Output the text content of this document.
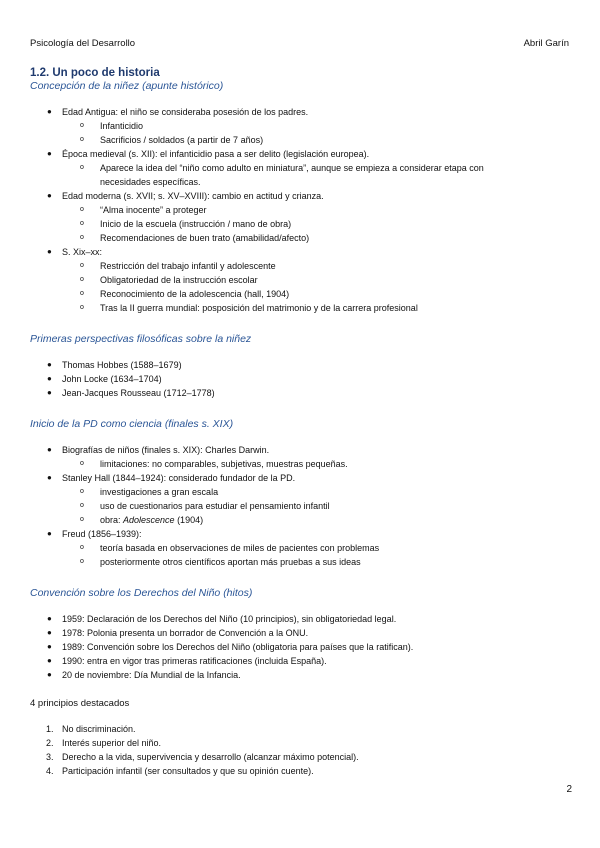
Psicología del Desarrollo	Abril Garín
1.2. Un poco de historia

Concepción de la niñez (apunte histórico)

● Edad Antigua: el niño se consideraba posesión de los padres.
o Infanticidio
o Sacrificios / soldados (a partir de 7 años)
● Época medieval (s. XII): el infanticidio pasa a ser delito (legislación europea).
o Aparece la idea del “niño como adulto en miniatura”, aunque se empieza a considerar etapa con
necesidades específicas.
● Edad moderna (s. XVII; s. XV–XVIII): cambio en actitud y crianza.
o “Alma inocente” a proteger
o Inicio de la escuela (instrucción / mano de obra)
o Recomendaciones de buen trato (amabilidad/afecto)
● S. Xix–xx:
o Restricción del trabajo infantil y adolescente
o Obligatoriedad de la instrucción escolar
o Reconocimiento de la adolescencia (hall, 1904)
o Tras la II guerra mundial: posposición del matrimonio y de la carrera profesional

Primeras perspectivas filosóficas sobre la niñez

● Thomas Hobbes (1588–1679)
● John Locke (1634–1704)
● Jean-Jacques Rousseau (1712–1778)

Inicio de la PD como ciencia (finales s. XIX)

● Biografías de niños (finales s. XIX): Charles Darwin.
o limitaciones: no comparables, subjetivas, muestras pequeñas.
● Stanley Hall (1844–1924): considerado fundador de la PD.
o investigaciones a gran escala
o uso de cuestionarios para estudiar el pensamiento infantil
o obra: Adolescence (1904)
● Freud (1856–1939):
o teoría basada en observaciones de miles de pacientes con problemas
o posteriormente otros científicos aportan más pruebas a sus ideas

Convención sobre los Derechos del Niño (hitos)

● 1959: Declaración de los Derechos del Niño (10 principios), sin obligatoriedad legal.
● 1978: Polonia presenta un borrador de Convención a la ONU.
● 1989: Convención sobre los Derechos del Niño (obligatoria para países que la ratifican).
● 1990: entra en vigor tras primeras ratificaciones (incluida España).
● 20 de noviembre: Día Mundial de la Infancia.

4 principios destacados

1. No discriminación.
2. Interés superior del niño.
3. Derecho a la vida, supervivencia y desarrollo (alcanzar máximo potencial).
4. Participación infantil (ser consultados y que su opinión cuente).
2
